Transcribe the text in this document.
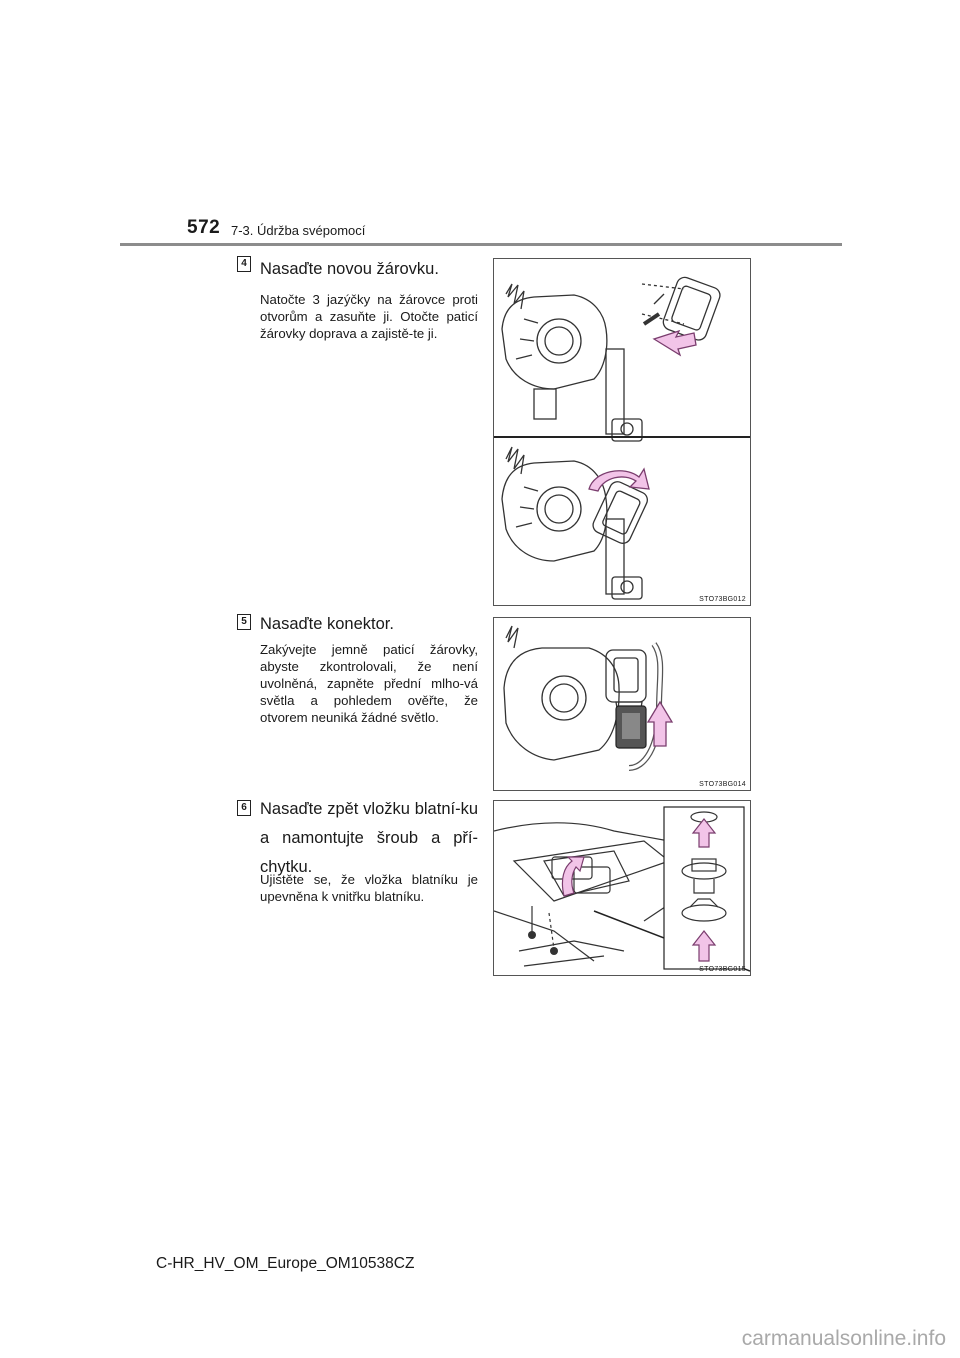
572 7-3. Údržba svépomocí
4 Nasaďte novou žárovku.
Natočte 3 jazýčky na žárovce proti otvorům a zasuňte ji. Otočte paticí žárovky doprava a zajistě-te ji.
STO73BG012
5 Nasaďte konektor.
Zakývejte jemně paticí žárovky, abyste zkontrolovali, že není uvolněná, zapněte přední mlho-vá světla a pohledem ověřte, že otvorem neuniká žádné světlo.
STO73BG014
6 Nasaďte zpět vložku blatní-ku a namontujte šroub a pří-chytku.
Ujistěte se, že vložka blatníku je upevněna k vnitřku blatníku.
STO73BG015
C-HR_HV_OM_Europe_OM10538CZ
carmanualsonline.info
